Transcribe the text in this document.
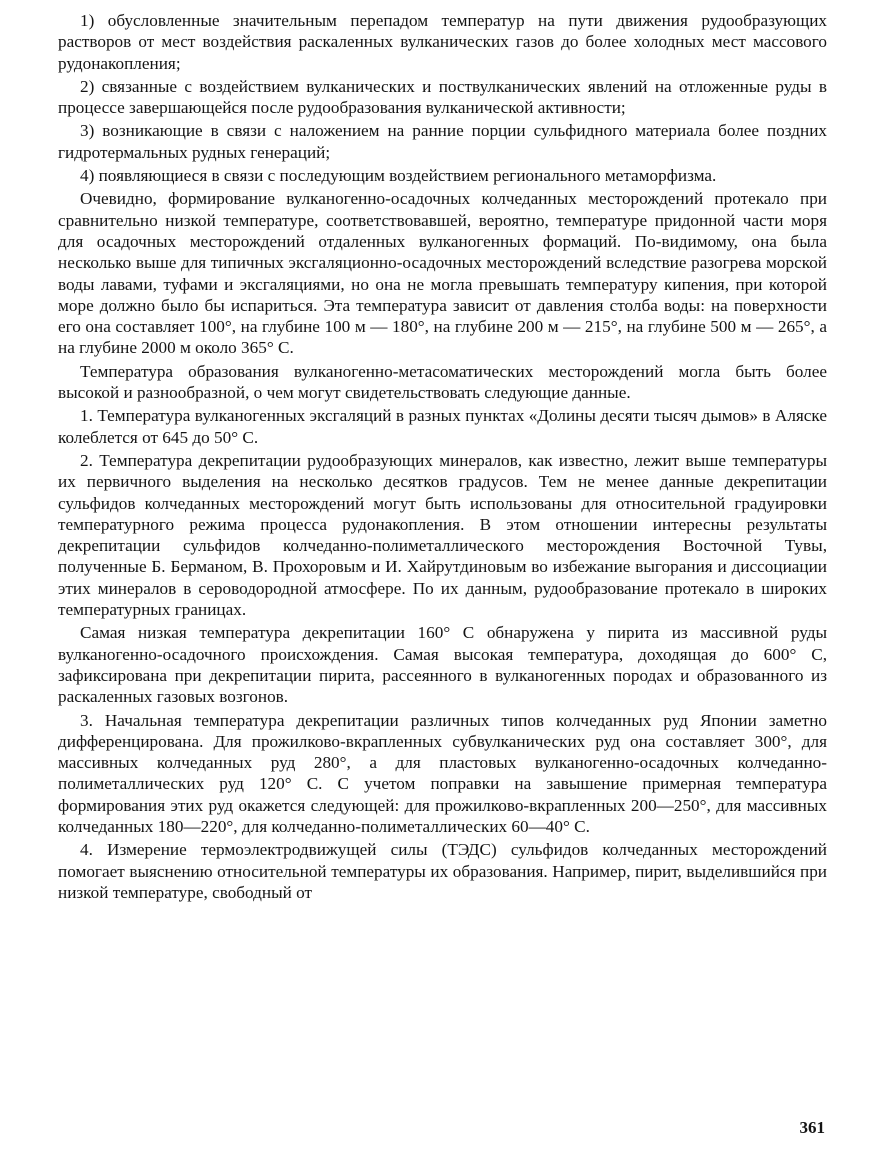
1) обусловленные значительным перепадом температур на пути движения рудообразующих растворов от мест воздействия раскаленных вулканических газов до более холодных мест массового рудонакопления;

2) связанные с воздействием вулканических и поствулканических явлений на отложенные руды в процессе завершающейся после рудообразования вулканической активности;

3) возникающие в связи с наложением на ранние порции сульфидного материала более поздних гидротермальных рудных генераций;

4) появляющиеся в связи с последующим воздействием регионального метаморфизма.

Очевидно, формирование вулканогенно-осадочных колчеданных месторождений протекало при сравнительно низкой температуре, соответствовавшей, вероятно, температуре придонной части моря для осадочных месторождений отдаленных вулканогенных формаций. По-видимому, она была несколько выше для типичных эксгаляционно-осадочных месторождений вследствие разогрева морской воды лавами, туфами и эксгаляциями, но она не могла превышать температуру кипения, при которой море должно было бы испариться. Эта температура зависит от давления столба воды: на поверхности его она составляет 100°, на глубине 100 м — 180°, на глубине 200 м — 215°, на глубине 500 м — 265°, а на глубине 2000 м около 365° С.

Температура образования вулканогенно-метасоматических месторождений могла быть более высокой и разнообразной, о чем могут свидетельствовать следующие данные.

1. Температура вулканогенных эксгаляций в разных пунктах «Долины десяти тысяч дымов» в Аляске колеблется от 645 до 50° С.

2. Температура декрепитации рудообразующих минералов, как известно, лежит выше температуры их первичного выделения на несколько десятков градусов. Тем не менее данные декрепитации сульфидов колчеданных месторождений могут быть использованы для относительной градуировки температурного режима процесса рудонакопления. В этом отношении интересны результаты декрепитации сульфидов колчеданно-полиметаллического месторождения Восточной Тувы, полученные Б. Берманом, В. Прохоровым и И. Хайрутдиновым во избежание выгорания и диссоциации этих минералов в сероводородной атмосфере. По их данным, рудообразование протекало в широких температурных границах.

Самая низкая температура декрепитации 160° С обнаружена у пирита из массивной руды вулканогенно-осадочного происхождения. Самая высокая температура, доходящая до 600° С, зафиксирована при декрепитации пирита, рассеянного в вулканогенных породах и образованного из раскаленных газовых возгонов.

3. Начальная температура декрепитации различных типов колчеданных руд Японии заметно дифференцирована. Для прожилково-вкрапленных субвулканических руд она составляет 300°, для массивных колчеданных руд 280°, а для пластовых вулканогенно-осадочных колчеданно-полиметаллических руд 120° С. С учетом поправки на завышение примерная температура формирования этих руд окажется следующей: для прожилково-вкрапленных 200—250°, для массивных колчеданных 180—220°, для колчеданно-полиметаллических 60—40° С.

4. Измерение термоэлектродвижущей силы (ТЭДС) сульфидов колчеданных месторождений помогает выяснению относительной температуры их образования. Например, пирит, выделившийся при низкой температуре, свободный от

361
